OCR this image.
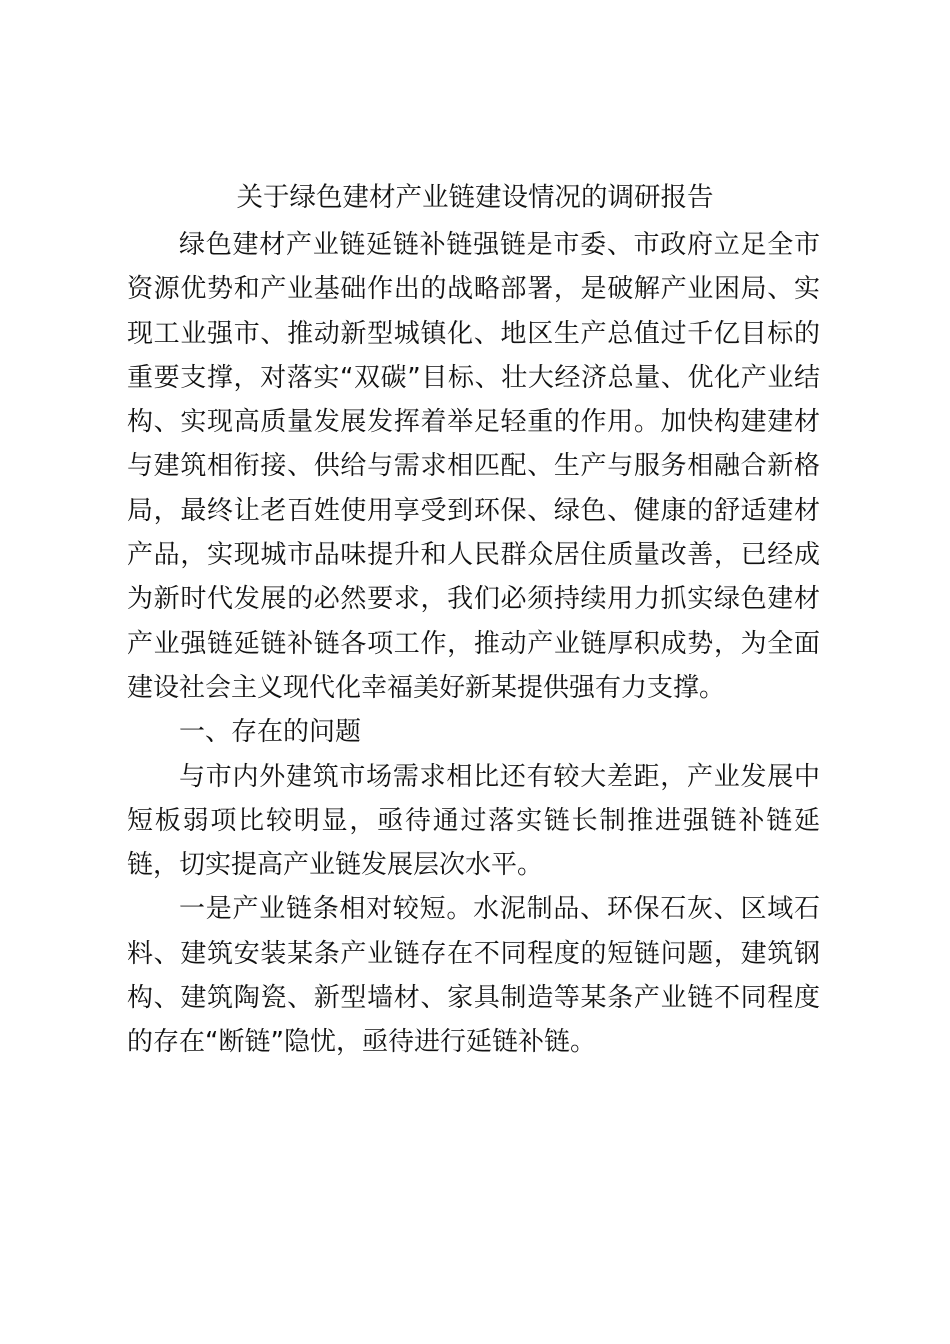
关于绿色建材产业链建设情况的调研报告

绿色建材产业链延链补链强链是市委、市政府立足全市资源优势和产业基础作出的战略部署，是破解产业困局、实现工业强市、推动新型城镇化、地区生产总值过千亿目标的重要支撑，对落实“双碳”目标、壮大经济总量、优化产业结构、实现高质量发展发挥着举足轻重的作用。加快构建建材与建筑相衔接、供给与需求相匹配、生产与服务相融合新格局，最终让老百姓使用享受到环保、绿色、健康的舒适建材产品，实现城市品味提升和人民群众居住质量改善，已经成为新时代发展的必然要求，我们必须持续用力抓实绿色建材产业强链延链补链各项工作，推动产业链厚积成势，为全面建设社会主义现代化幸福美好新某提供强有力支撑。

一、存在的问题

与市内外建筑市场需求相比还有较大差距，产业发展中短板弱项比较明显，亟待通过落实链长制推进强链补链延链，切实提高产业链发展层次水平。

一是产业链条相对较短。水泥制品、环保石灰、区域石料、建筑安装某条产业链存在不同程度的短链问题，建筑钢构、建筑陶瓷、新型墙材、家具制造等某条产业链不同程度的存在“断链”隐忧，亟待进行延链补链。
